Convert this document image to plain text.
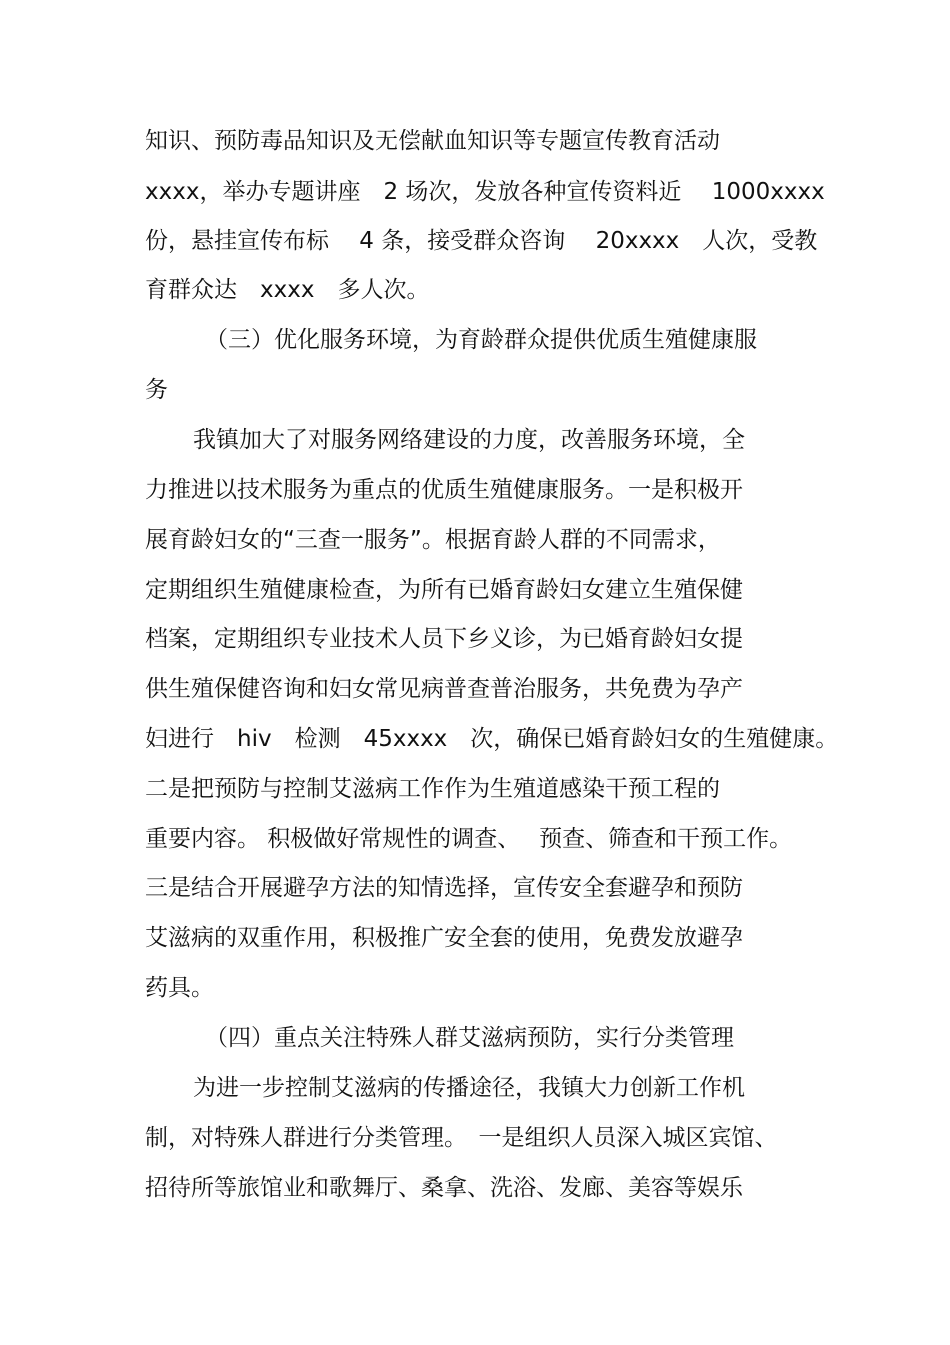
知识、预防毒品知识及无偿献血知识等专题宣传教育活动

xxxx，举办专题讲座　2 场次，发放各种宣传资料近　 1000xxxx

份，悬挂宣传布标　 4 条，接受群众咨询　 20xxxx　人次，受教

育群众达　xxxx　多人次。

（三）优化服务环境，为育龄群众提供优质生殖健康服

务

我镇加大了对服务网络建设的力度，改善服务环境，全

力推进以技术服务为重点的优质生殖健康服务。一是积极开

展育龄妇女的“三查一服务”。根据育龄人群的不同需求，

定期组织生殖健康检查，为所有已婚育龄妇女建立生殖保健

档案，定期组织专业技术人员下乡义诊，为已婚育龄妇女提

供生殖保健咨询和妇女常见病普查普治服务，共免费为孕产

妇进行　hiv　检测　45xxxx　次，确保已婚育龄妇女的生殖健康。

二是把预防与控制艾滋病工作作为生殖道感染干预工程的

重要内容。 积极做好常规性的调查、　 预查、筛查和干预工作。

三是结合开展避孕方法的知情选择，宣传安全套避孕和预防

艾滋病的双重作用，积极推广安全套的使用，免费发放避孕

药具。

（四）重点关注特殊人群艾滋病预防，实行分类管理

为进一步控制艾滋病的传播途径，我镇大力创新工作机

制，对特殊人群进行分类管理。　一是组织人员深入城区宾馆、

招待所等旅馆业和歌舞厅、桑拿、洗浴、发廊、美容等娱乐
